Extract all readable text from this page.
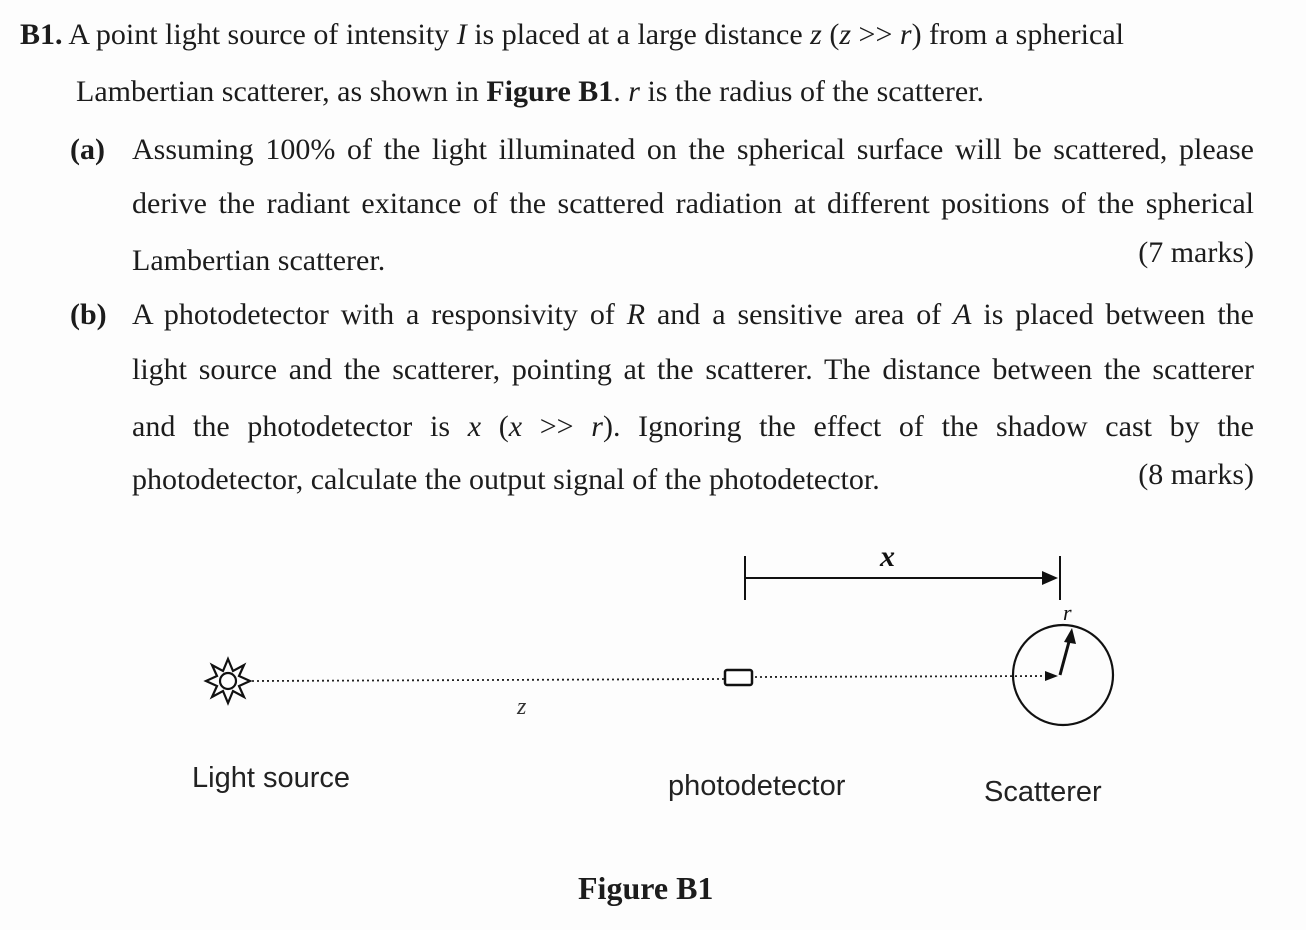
B1. A point light source of intensity I is placed at a large distance z (z >> r) from a spherical
Lambertian scatterer, as shown in Figure B1. r is the radius of the scatterer.
(a) Assuming 100% of the light illuminated on the spherical surface will be scattered, please
derive the radiant exitance of the scattered radiation at different positions of the spherical
Lambertian scatterer.	(7 marks)
(b) A photodetector with a responsivity of R and a sensitive area of A is placed between the
light source and the scatterer, pointing at the scatterer. The distance between the scatterer
and the photodetector is x (x >> r). Ignoring the effect of the shadow cast by the
photodetector, calculate the output signal of the photodetector.	(8 marks)
x
z
r
Light source	photodetector	Scatterer
Figure B1
